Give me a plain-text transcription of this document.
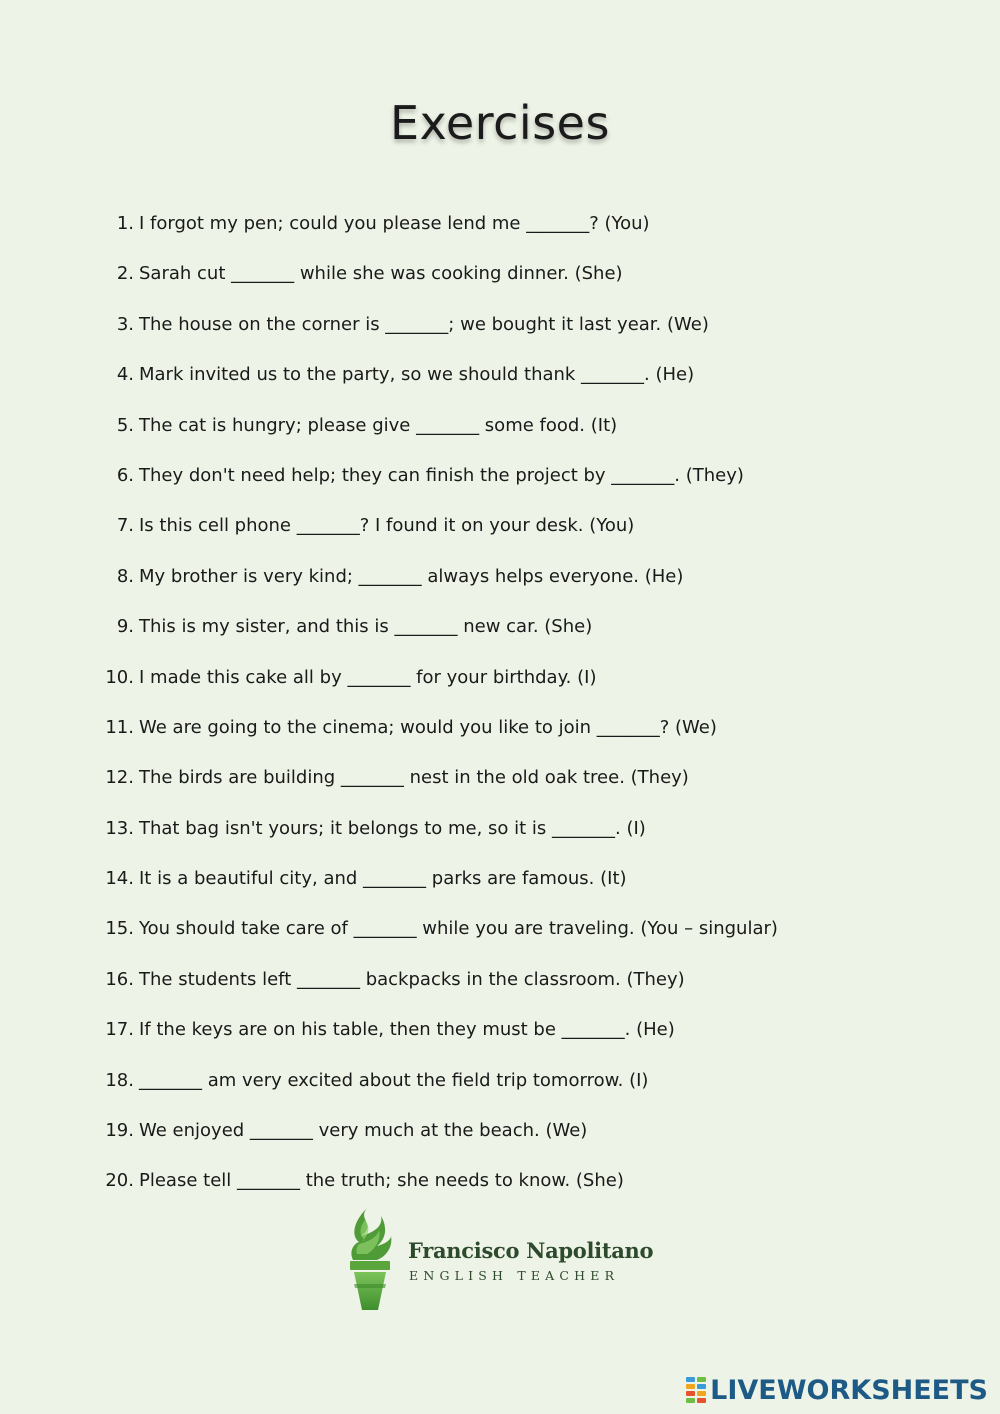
Exercises
1. I forgot my pen; could you please lend me _______? (You)
2. Sarah cut _______ while she was cooking dinner. (She)
3. The house on the corner is _______; we bought it last year. (We)
4. Mark invited us to the party, so we should thank _______. (He)
5. The cat is hungry; please give _______ some food. (It)
6. They don't need help; they can finish the project by _______. (They)
7. Is this cell phone _______? I found it on your desk. (You)
8. My brother is very kind; _______ always helps everyone. (He)
9. This is my sister, and this is _______ new car. (She)
10. I made this cake all by _______ for your birthday. (I)
11. We are going to the cinema; would you like to join _______? (We)
12. The birds are building _______ nest in the old oak tree. (They)
13. That bag isn't yours; it belongs to me, so it is _______. (I)
14. It is a beautiful city, and _______ parks are famous. (It)
15. You should take care of _______ while you are traveling. (You – singular)
16. The students left _______ backpacks in the classroom. (They)
17. If the keys are on his table, then they must be _______. (He)
18. _______ am very excited about the field trip tomorrow. (I)
19. We enjoyed _______ very much at the beach. (We)
20. Please tell _______ the truth; she needs to know. (She)
Francisco Napolitano
ENGLISH TEACHER
LIVEWORKSHEETS
